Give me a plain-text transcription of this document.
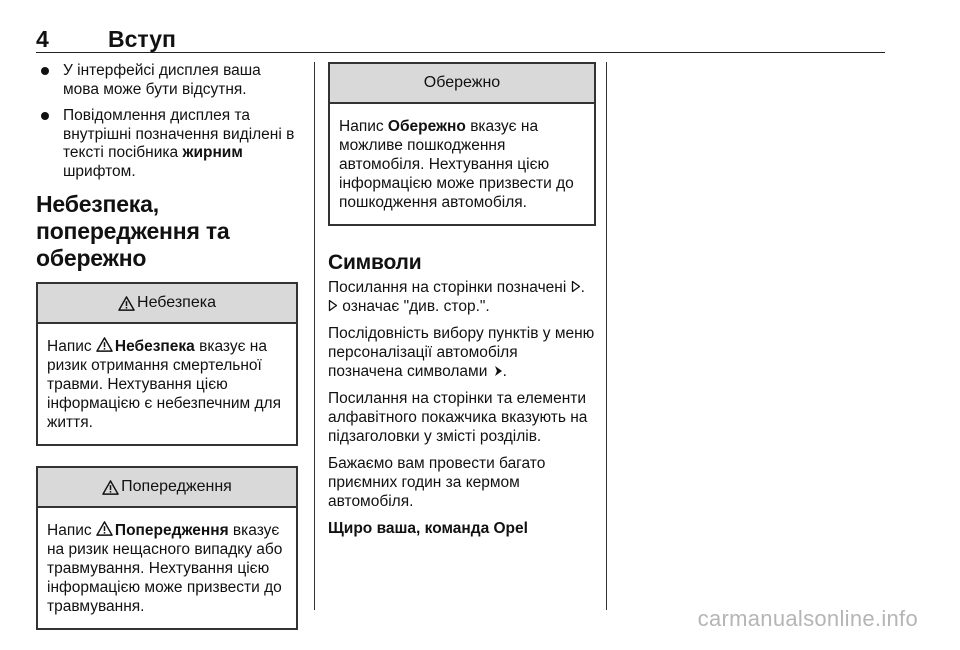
4	Вступ
У інтерфейсі дисплея ваша мова може бути відсутня.
Повідомлення дисплея та внутрішні позначення виділені в тексті посібника жирним шрифтом.
Небезпека, попередження та обережно
Небезпека
Напис Небезпека вказує на ризик отримання смертельної травми. Нехтування цією інформацією є небезпечним для життя.
Попередження
Напис Попередження вказує на ризик нещасного випадку або травмування. Нехтування цією інформацією може призвести до травмування.
Обережно
Напис Обережно вказує на можливе пошкодження автомобіля. Нехтування цією інформацією може призвести до пошкодження автомобіля.
Символи

Посилання на сторінки позначені .
означає "див. стор.".

Послідовність вибору пунктів у меню персоналізації автомобіля позначена символами .

Посилання на сторінки та елементи алфавітного покажчика вказують на підзаголовки у змісті розділів.

Бажаємо вам провести багато приємних годин за кермом автомобіля.

Щиро ваша, команда Opel

carmanualsonline.info
